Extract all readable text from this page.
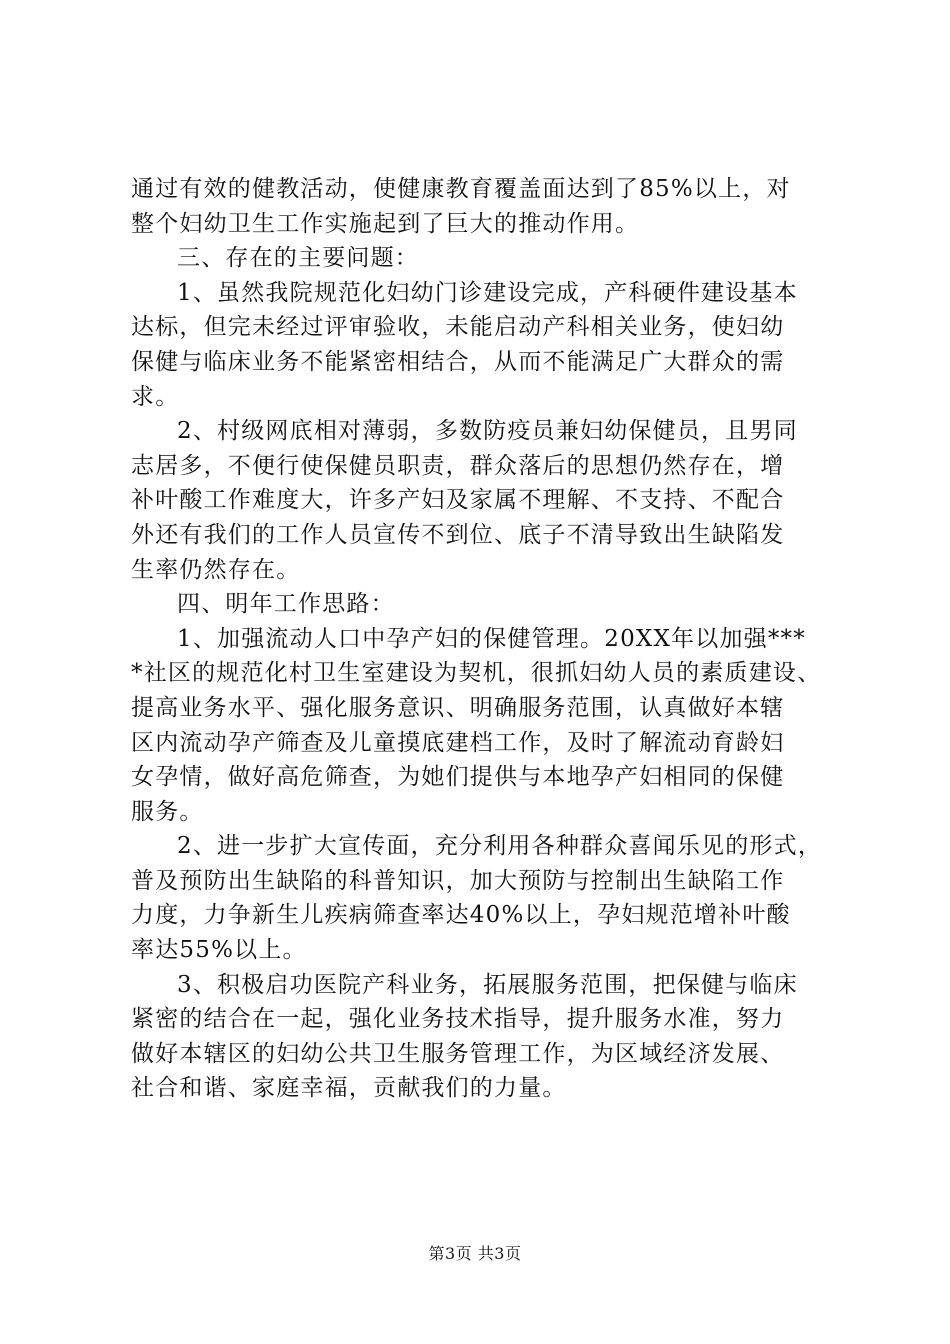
通过有效的健教活动，使健康教育覆盖面达到了85%以上，对
整个妇幼卫生工作实施起到了巨大的推动作用。
三、存在的主要问题：
1、虽然我院规范化妇幼门诊建设完成，产科硬件建设基本
达标，但完未经过评审验收，未能启动产科相关业务，使妇幼
保健与临床业务不能紧密相结合，从而不能满足广大群众的需
求。
2、村级网底相对薄弱，多数防疫员兼妇幼保健员，且男同
志居多，不便行使保健员职责，群众落后的思想仍然存在，增
补叶酸工作难度大，许多产妇及家属不理解、不支持、不配合
外还有我们的工作人员宣传不到位、底子不清导致出生缺陷发
生率仍然存在。
四、明年工作思路：
1、加强流动人口中孕产妇的保健管理。20XX年以加强***
*社区的规范化村卫生室建设为契机，很抓妇幼人员的素质建设、
提高业务水平、强化服务意识、明确服务范围，认真做好本辖
区内流动孕产筛查及儿童摸底建档工作，及时了解流动育龄妇
女孕情，做好高危筛查，为她们提供与本地孕产妇相同的保健
服务。
2、进一步扩大宣传面，充分利用各种群众喜闻乐见的形式，
普及预防出生缺陷的科普知识，加大预防与控制出生缺陷工作
力度，力争新生儿疾病筛查率达40%以上，孕妇规范增补叶酸
率达55%以上。
3、积极启功医院产科业务，拓展服务范围，把保健与临床
紧密的结合在一起，强化业务技术指导，提升服务水准，努力
做好本辖区的妇幼公共卫生服务管理工作，为区域经济发展、
社合和谐、家庭幸福，贡献我们的力量。
第3页 共3页
